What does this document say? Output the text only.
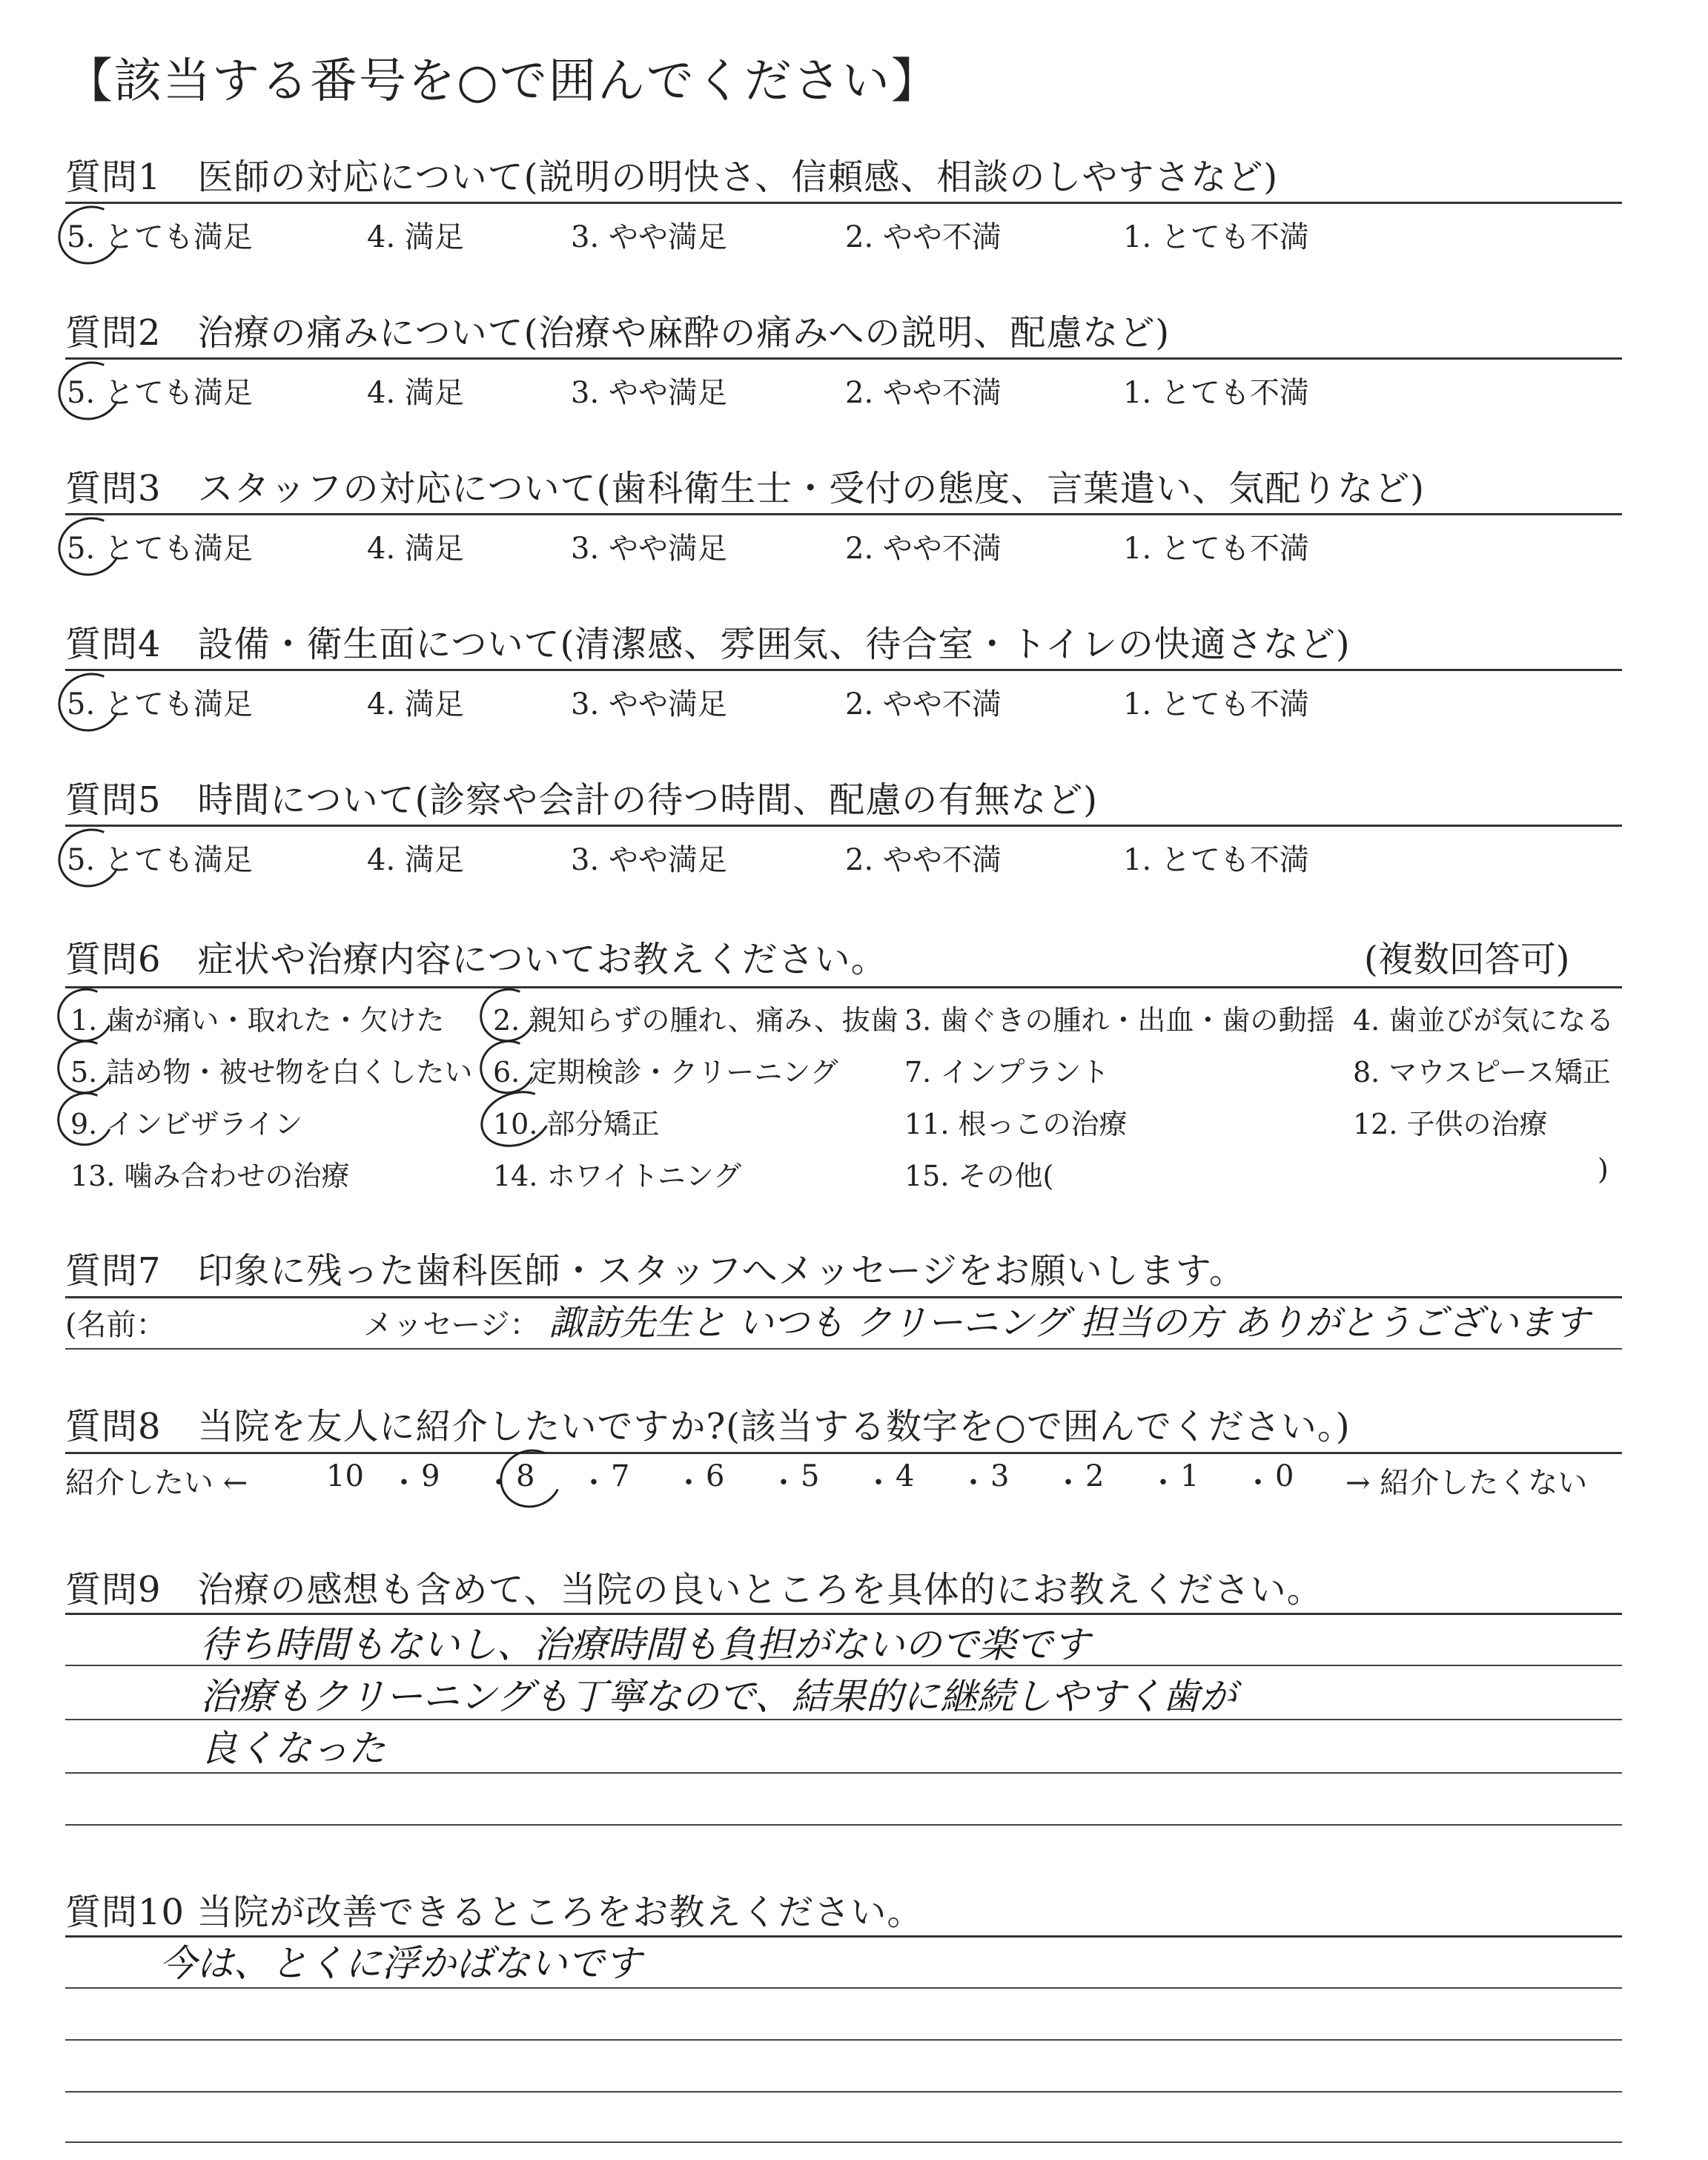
【該当する番号を○で囲んでください】
質問1　医師の対応について(説明の明快さ、信頼感、相談のしやすさなど)
5. とても満足	4. 満足	3. やや満足	2. やや不満	1. とても不満
質問2　治療の痛みについて(治療や麻酔の痛みへの説明、配慮など)
5. とても満足	4. 満足	3. やや満足	2. やや不満	1. とても不満
質問3　スタッフの対応について(歯科衛生士・受付の態度、言葉遣い、気配りなど)
5. とても満足	4. 満足	3. やや満足	2. やや不満	1. とても不満
質問4　設備・衛生面について(清潔感、雰囲気、待合室・トイレの快適さなど)
5. とても満足	4. 満足	3. やや満足	2. やや不満	1. とても不満
質問5　時間について(診察や会計の待つ時間、配慮の有無など)
5. とても満足	4. 満足	3. やや満足	2. やや不満	1. とても不満
質問6　症状や治療内容についてお教えください。	(複数回答可)
1. 歯が痛い・取れた・欠けた 2. 親知らずの腫れ、痛み、抜歯 3. 歯ぐきの腫れ・出血・歯の動揺 4. 歯並びが気になる
5. 詰め物・被せ物を白くしたい 6. 定期検診・クリーニング 7. インプラント	8. マウスピース矯正
9. インビザライン	10. 部分矯正	11. 根っこの治療	12. 子供の治療
13. 噛み合わせの治療	14. ホワイトニング	15. その他(	)
質問7　印象に残った歯科医師・スタッフへメッセージをお願いします。
(名前：	メッセージ： 諏訪先生と いつも クリーニング 担当の方 ありがとうございます
質問8　当院を友人に紹介したいですか?(該当する数字を○で囲んでください。)
紹介したい ←	→ 紹介したくない
10 ・ 9 ・ 8 ・ 7 ・ 6 ・ 5 ・ 4 ・ 3 ・ 2 ・ 1 ・ 0
質問9　治療の感想も含めて、当院の良いところを具体的にお教えください。
待ち時間もないし、治療時間も負担がないので楽です
治療もクリーニングも丁寧なので、結果的に継続しやすく歯が
良くなった
質問10 当院が改善できるところをお教えください。
今は、とくに浮かばないです
